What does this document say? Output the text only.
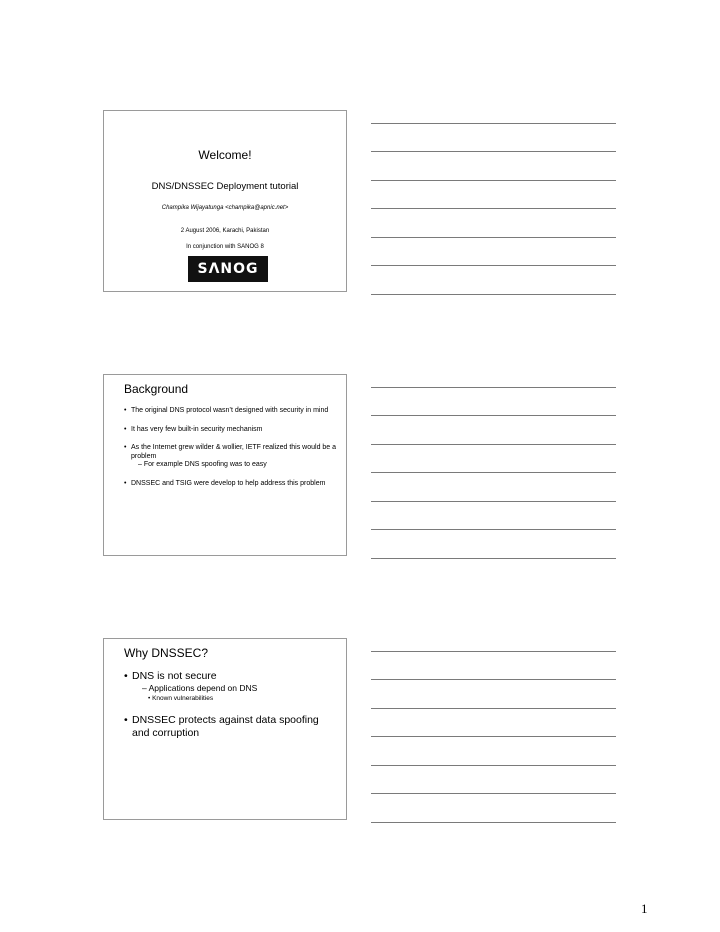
Welcome!
DNS/DNSSEC Deployment tutorial
Champika Wijayatunga <champika@apnic.net>
2 August 2006, Karachi, Pakistan
In conjunction with SANOG 8
SΛNOG
Background
• The original DNS protocol wasn’t designed with security in mind
• It has very few built-in security mechanism
• As the Internet grew wilder & wollier, IETF realized this would be a problem
– For example DNS spoofing was to easy
• DNSSEC and TSIG were develop to help address this problem
Why DNSSEC?
• DNS is not secure
– Applications depend on DNS
• Known vulnerabilities
• DNSSEC protects against data spoofing and corruption
1
